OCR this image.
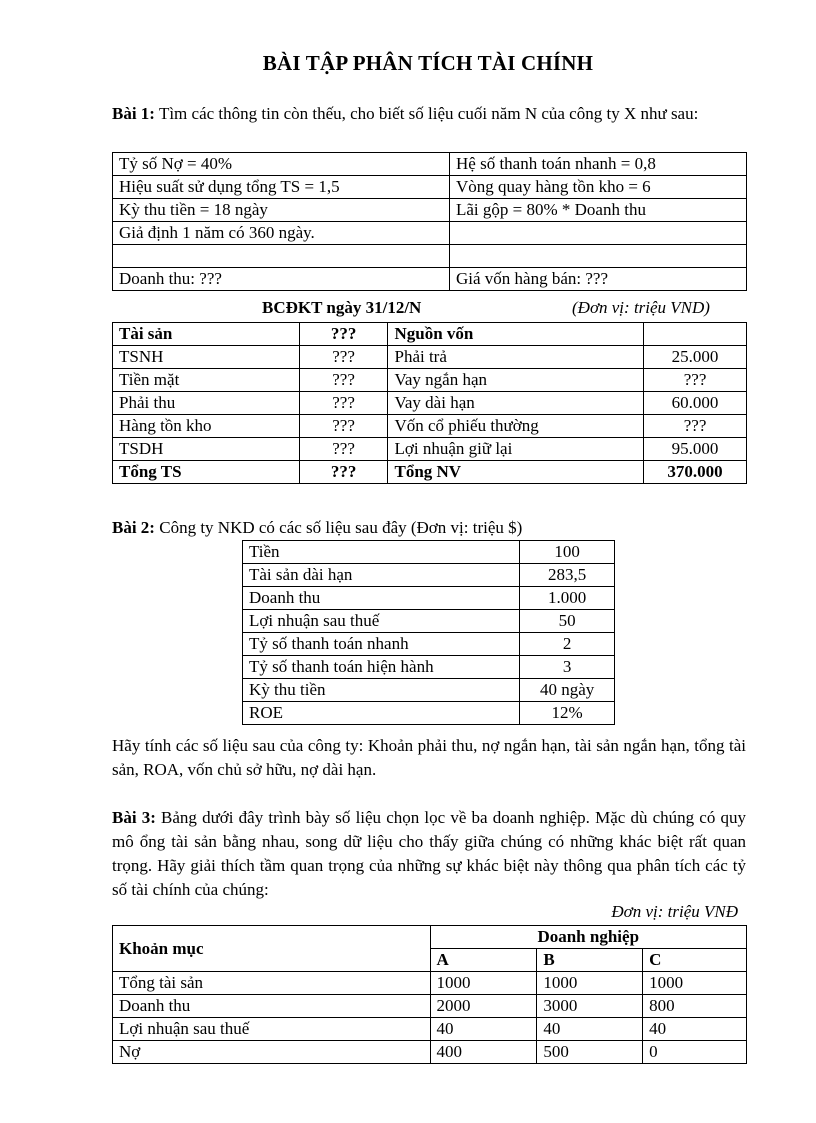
BÀI TẬP PHÂN TÍCH TÀI CHÍNH
Bài 1: Tìm các thông tin còn thếu, cho biết số liệu cuối năm N của công ty X như sau:
Tỷ số Nợ = 40%	Hệ số thanh toán nhanh = 0,8
Hiệu suất sử dụng tổng TS = 1,5	Vòng quay hàng tồn kho = 6
Kỳ thu tiền = 18 ngày	Lãi gộp = 80% * Doanh thu
Giả định 1 năm có 360 ngày.	

Doanh thu: ???	Giá vốn hàng bán: ???
BCĐKT ngày 31/12/N	(Đơn vị: triệu VND)
Tài sản	???	Nguồn vốn	
TSNH	???	Phải trả	25.000
Tiền mặt	???	Vay ngắn hạn	???
Phải thu	???	Vay dài hạn	60.000
Hàng tồn kho	???	Vốn cổ phiếu thường	???
TSDH	???	Lợi nhuận giữ lại	95.000
Tổng TS	???	Tổng NV	370.000
Bài 2: Công ty NKD có các số liệu sau đây (Đơn vị: triệu $)
Tiền	100
Tài sản dài hạn	283,5
Doanh thu	1.000
Lợi nhuận sau thuế	50
Tỷ số thanh toán nhanh	2
Tỷ số thanh toán hiện hành	3
Kỳ thu tiền	40 ngày
ROE	12%
Hãy tính các số liệu sau của công ty: Khoản phải thu, nợ ngắn hạn, tài sản ngắn hạn, tổng tài sản, ROA, vốn chủ sở hữu, nợ dài hạn.
Bài 3: Bảng dưới đây trình bày số liệu chọn lọc về ba doanh nghiệp. Mặc dù chúng có quy mô ổng tài sản bằng nhau, song dữ liệu cho thấy giữa chúng có những khác biệt rất quan trọng. Hãy giải thích tầm quan trọng của những sự khác biệt này thông qua phân tích các tỷ số tài chính của chúng:
Đơn vị: triệu VNĐ
Khoản mục	Doanh nghiệp		
	A	B	C
Tổng tài sản	1000	1000	1000
Doanh thu	2000	3000	800
Lợi nhuận sau thuế	40	40	40
Nợ	400	500	0
